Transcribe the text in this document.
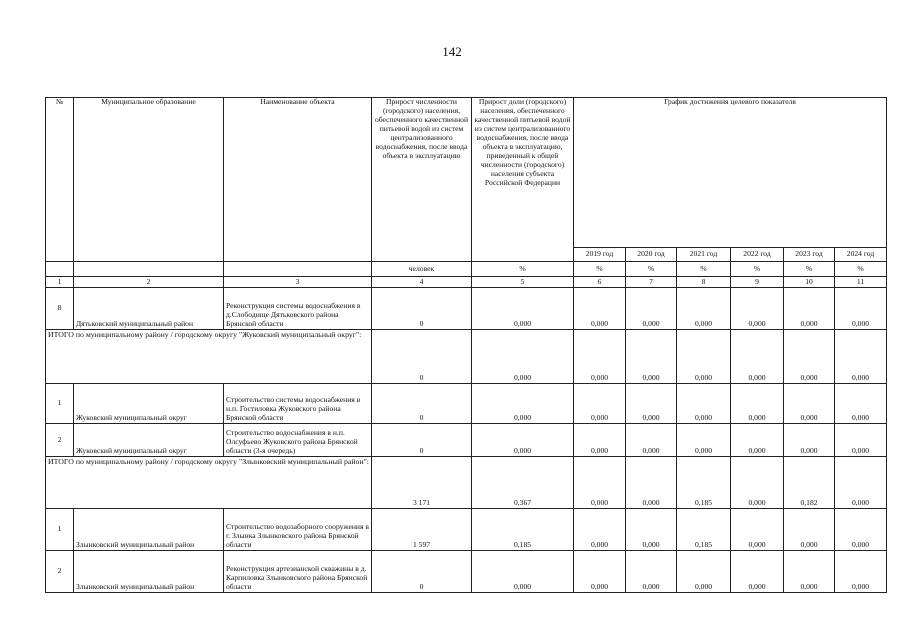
142
№	Муниципальное образование	Наименование объекта	Прирост численности (городского) населения, обеспеченного качественной питьевой водой из систем централизованного водоснабжения, после ввода объекта в эксплуатацию	Прирост доли (городского) населения, обеспеченного качественной питьевой водой из систем централизованного водоснабжения, после ввода объекта в эксплуатацию, приведенный к общей численности (городского) населения субъекта Российской Федерации	График достижения целевого показателя					
					2019 год	2020 год	2021 год	2022 год	2023 год	2024 год
			человек	%	%	%	%	%	%	%
1	2	3	4	5	6	7	8	9	10	11
8	Дятьковский муниципальный район	Реконструкция системы водоснабжения в д.Слободище Дятьковского района Брянской области	0	0,000	0,000	0,000	0,000	0,000	0,000	0,000
ИТОГО по муниципальному району / городскому округу "Жуковский муниципальный округ":			0	0,000	0,000	0,000	0,000	0,000	0,000	0,000
1	Жуковский муниципальный округ	Строительство системы водоснабжения в н.п. Гостиловка Жуковского района Брянской области	0	0,000	0,000	0,000	0,000	0,000	0,000	0,000
2	Жуковский муниципальный округ	Строительство водоснабжения в н.п. Олсуфьево Жуковского района Брянской области (3-я очередь)	0	0,000	0,000	0,000	0,000	0,000	0,000	0,000
ИТОГО по муниципальному району / городскому округу "Злынковский муниципальный район":			3 171	0,367	0,000	0,000	0,185	0,000	0,182	0,000
1	Злынковский муниципальный район	Строительство водозаборного сооружения в г. Злынка Злынковского района Брянской области	1 597	0,185	0,000	0,000	0,185	0,000	0,000	0,000
2	Злынковский муниципальный район	Реконструкция артезианской скважины в д. Карпиловка Злынковского района Брянской области	0	0,000	0,000	0,000	0,000	0,000	0,000	0,000
